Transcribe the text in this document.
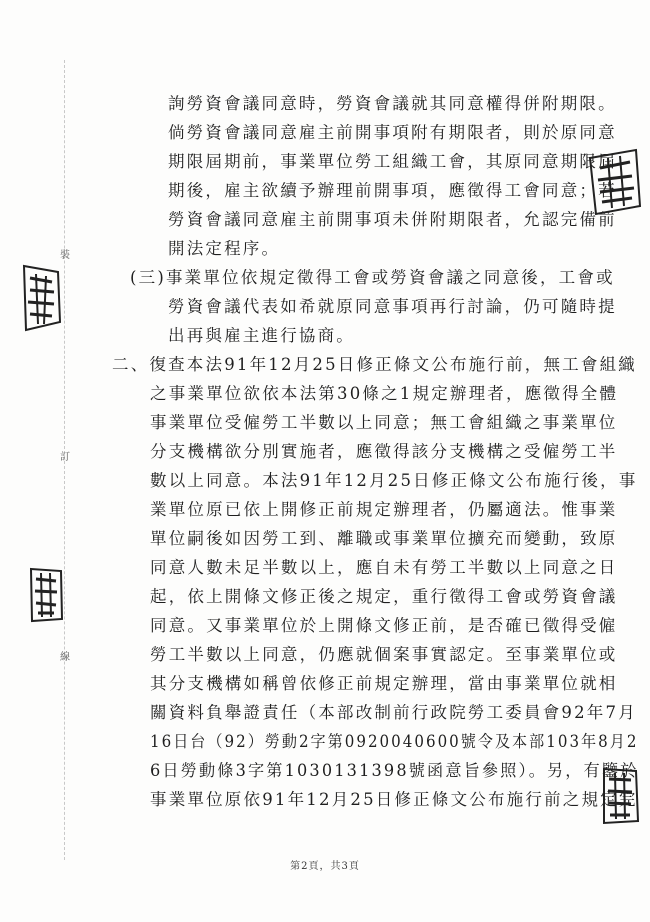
裝
訂
線
詢勞資會議同意時，勞資會議就其同意權得併附期限。
倘勞資會議同意雇主前開事項附有期限者，則於原同意
期限屆期前，事業單位勞工組織工會，其原同意期限屆
期後，雇主欲續予辦理前開事項，應徵得工會同意；若
勞資會議同意雇主前開事項未併附期限者，允認完備前
開法定程序。
(三)事業單位依規定徵得工會或勞資會議之同意後，工會或
勞資會議代表如希就原同意事項再行討論，仍可隨時提
出再與雇主進行協商。
二、復查本法91年12月25日修正條文公布施行前，無工會組織
之事業單位欲依本法第30條之1規定辦理者，應徵得全體
事業單位受僱勞工半數以上同意；無工會組織之事業單位
分支機構欲分別實施者，應徵得該分支機構之受僱勞工半
數以上同意。本法91年12月25日修正條文公布施行後，事
業單位原已依上開修正前規定辦理者，仍屬適法。惟事業
單位嗣後如因勞工到、離職或事業單位擴充而變動，致原
同意人數未足半數以上，應自未有勞工半數以上同意之日
起，依上開條文修正後之規定，重行徵得工會或勞資會議
同意。又事業單位於上開條文修正前，是否確已徵得受僱
勞工半數以上同意，仍應就個案事實認定。至事業單位或
其分支機構如稱曾依修正前規定辦理，當由事業單位就相
關資料負舉證責任（本部改制前行政院勞工委員會92年7月
16日台（92）勞動2字第0920040600號令及本部103年8月2
6日勞動條3字第1030131398號函意旨參照）。另，有鑒於
事業單位原依91年12月25日修正條文公布施行前之規定完
第2頁，共3頁
